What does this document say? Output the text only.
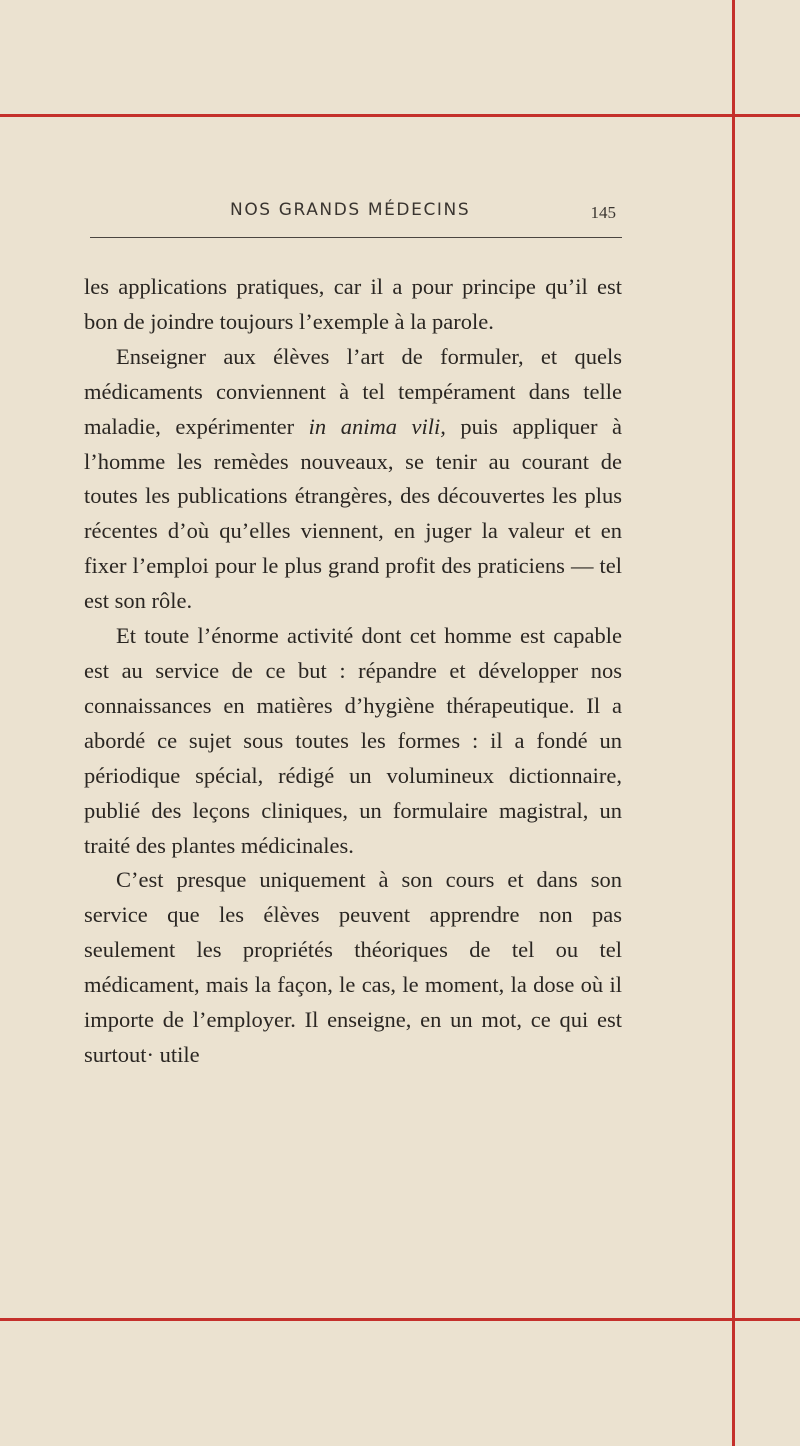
NOS GRANDS MÉDECINS	145

les applications pratiques, car il a pour principe qu’il est bon de joindre toujours l’exemple à la parole.

Enseigner aux élèves l’art de formuler, et quels médicaments conviennent à tel tempérament dans telle maladie, expérimenter in anima vili, puis appliquer à l’homme les remèdes nouveaux, se tenir au courant de toutes les publications étrangères, des découvertes les plus récentes d’où qu’elles viennent, en juger la valeur et en fixer l’emploi pour le plus grand profit des praticiens — tel est son rôle.

Et toute l’énorme activité dont cet homme est capable est au service de ce but : répandre et développer nos connaissances en matières d’hygiène thérapeutique. Il a abordé ce sujet sous toutes les formes : il a fondé un périodique spécial, rédigé un volumineux dictionnaire, publié des leçons cliniques, un formulaire magistral, un traité des plantes médicinales.

C’est presque uniquement à son cours et dans son service que les élèves peuvent apprendre non pas seulement les propriétés théoriques de tel ou tel médicament, mais la façon, le cas, le moment, la dose où il importe de l’employer. Il enseigne, en un mot, ce qui est surtout· utile
